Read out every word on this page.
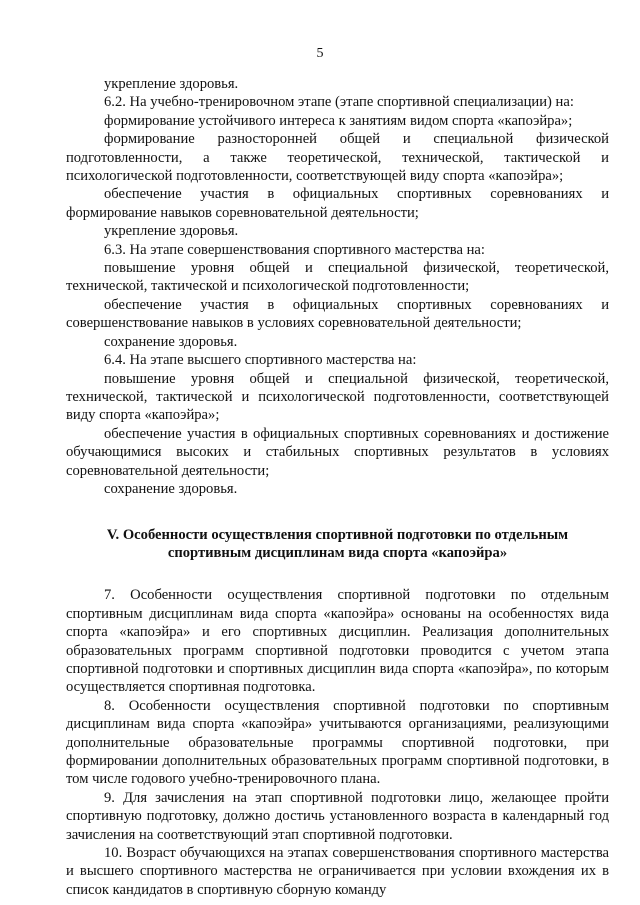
5

укрепление здоровья.

6.2. На учебно-тренировочном этапе (этапе спортивной специализации) на:

формирование устойчивого интереса к занятиям видом спорта «капоэйра»;

формирование разносторонней общей и специальной физической подготовленности, а также теоретической, технической, тактической и психологической подготовленности, соответствующей виду спорта «капоэйра»;

обеспечение участия в официальных спортивных соревнованиях и формирование навыков соревновательной деятельности;

укрепление здоровья.

6.3. На этапе совершенствования спортивного мастерства на:

повышение уровня общей и специальной физической, теоретической, технической, тактической и психологической подготовленности;

обеспечение участия в официальных спортивных соревнованиях и совершенствование навыков в условиях соревновательной деятельности;

сохранение здоровья.

6.4. На этапе высшего спортивного мастерства на:

повышение уровня общей и специальной физической, теоретической, технической, тактической и психологической подготовленности, соответствующей виду спорта «капоэйра»;

обеспечение участия в официальных спортивных соревнованиях и достижение обучающимися высоких и стабильных спортивных результатов в условиях соревновательной деятельности;

сохранение здоровья.

V. Особенности осуществления спортивной подготовки по отдельным спортивным дисциплинам вида спорта «капоэйра»

7. Особенности осуществления спортивной подготовки по отдельным спортивным дисциплинам вида спорта «капоэйра» основаны на особенностях вида спорта «капоэйра» и его спортивных дисциплин. Реализация дополнительных образовательных программ спортивной подготовки проводится с учетом этапа спортивной подготовки и спортивных дисциплин вида спорта «капоэйра», по которым осуществляется спортивная подготовка.

8. Особенности осуществления спортивной подготовки по спортивным дисциплинам вида спорта «капоэйра» учитываются организациями, реализующими дополнительные образовательные программы спортивной подготовки, при формировании дополнительных образовательных программ спортивной подготовки, в том числе годового учебно-тренировочного плана.

9. Для зачисления на этап спортивной подготовки лицо, желающее пройти спортивную подготовку, должно достичь установленного возраста в календарный год зачисления на соответствующий этап спортивной подготовки.

10. Возраст обучающихся на этапах совершенствования спортивного мастерства и высшего спортивного мастерства не ограничивается при условии вхождения их в список кандидатов в спортивную сборную команду
